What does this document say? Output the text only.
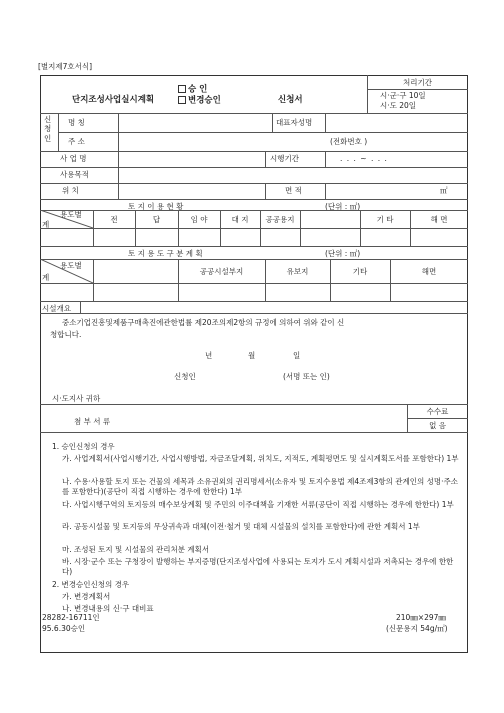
[별지제7호서식]
단지조성사업실시계획
승 인
변경승인	신청서
처리기간
시·군·구 10일
시·도 20일
신청인
명 칭	대표자성명
주 소	(전화번호 )
사 업 명	시행기간	. . . ~ . . .
사용목적
위 치	면 적	㎡
토 지 이 용 현 황	(단위 : ㎡)
용도별
계
전	답	임 야	대 지	공공용지	기 타	해 면
토 지 용 도 구 분 계 획	(단위 : ㎡)
용도별
계
공공시설부지	유보지	기타	해면
시설개요
중소기업진흥및제품구매촉진에관한법률 제20조의제2항의 규정에 의하여 위와 같이 신
청합니다.
년	월	일
신청인	(서명 또는 인)
시·도지사 귀하
첨 부 서 류
수수료
없 음
1. 승인신청의 경우
가. 사업계획서(사업시행기간, 사업시행방법, 자금조달계획, 위치도, 지적도, 계획평면도 및 실시계획도서를 포함한다) 1부
나. 수용·사용할 토지 또는 건물의 세목과 소유권외의 권리명세서(소유자 및 토지수용법 제4조제3항의 관계인의 성명·주소를 포함한다)(공단이 직접 시행하는 경우에 한한다) 1부
다. 사업시행구역의 토지등의 매수보상계획 및 주민의 이주대책을 기재한 서류(공단이 직접 시행하는 경우에 한한다) 1부
라. 공동시설물 및 토지등의 무상귀속과 대체(이전·철거 및 대체 시설물의 설치를 포함한다)에 관한 계획서 1부
마. 조성된 토지 및 시설물의 관리처분 계획서
바. 시장·군수 또는 구청장이 발행하는 부지증명(단지조성사업에 사용되는 토지가 도시 계획시설과 저촉되는 경우에 한한다)
2. 변경승인신청의 경우
가. 변경계획서
나. 변경내용의 신·구 대비표
28282-16711인
95.6.30승인
210㎜×297㎜
(신문용지 54g/㎡)
